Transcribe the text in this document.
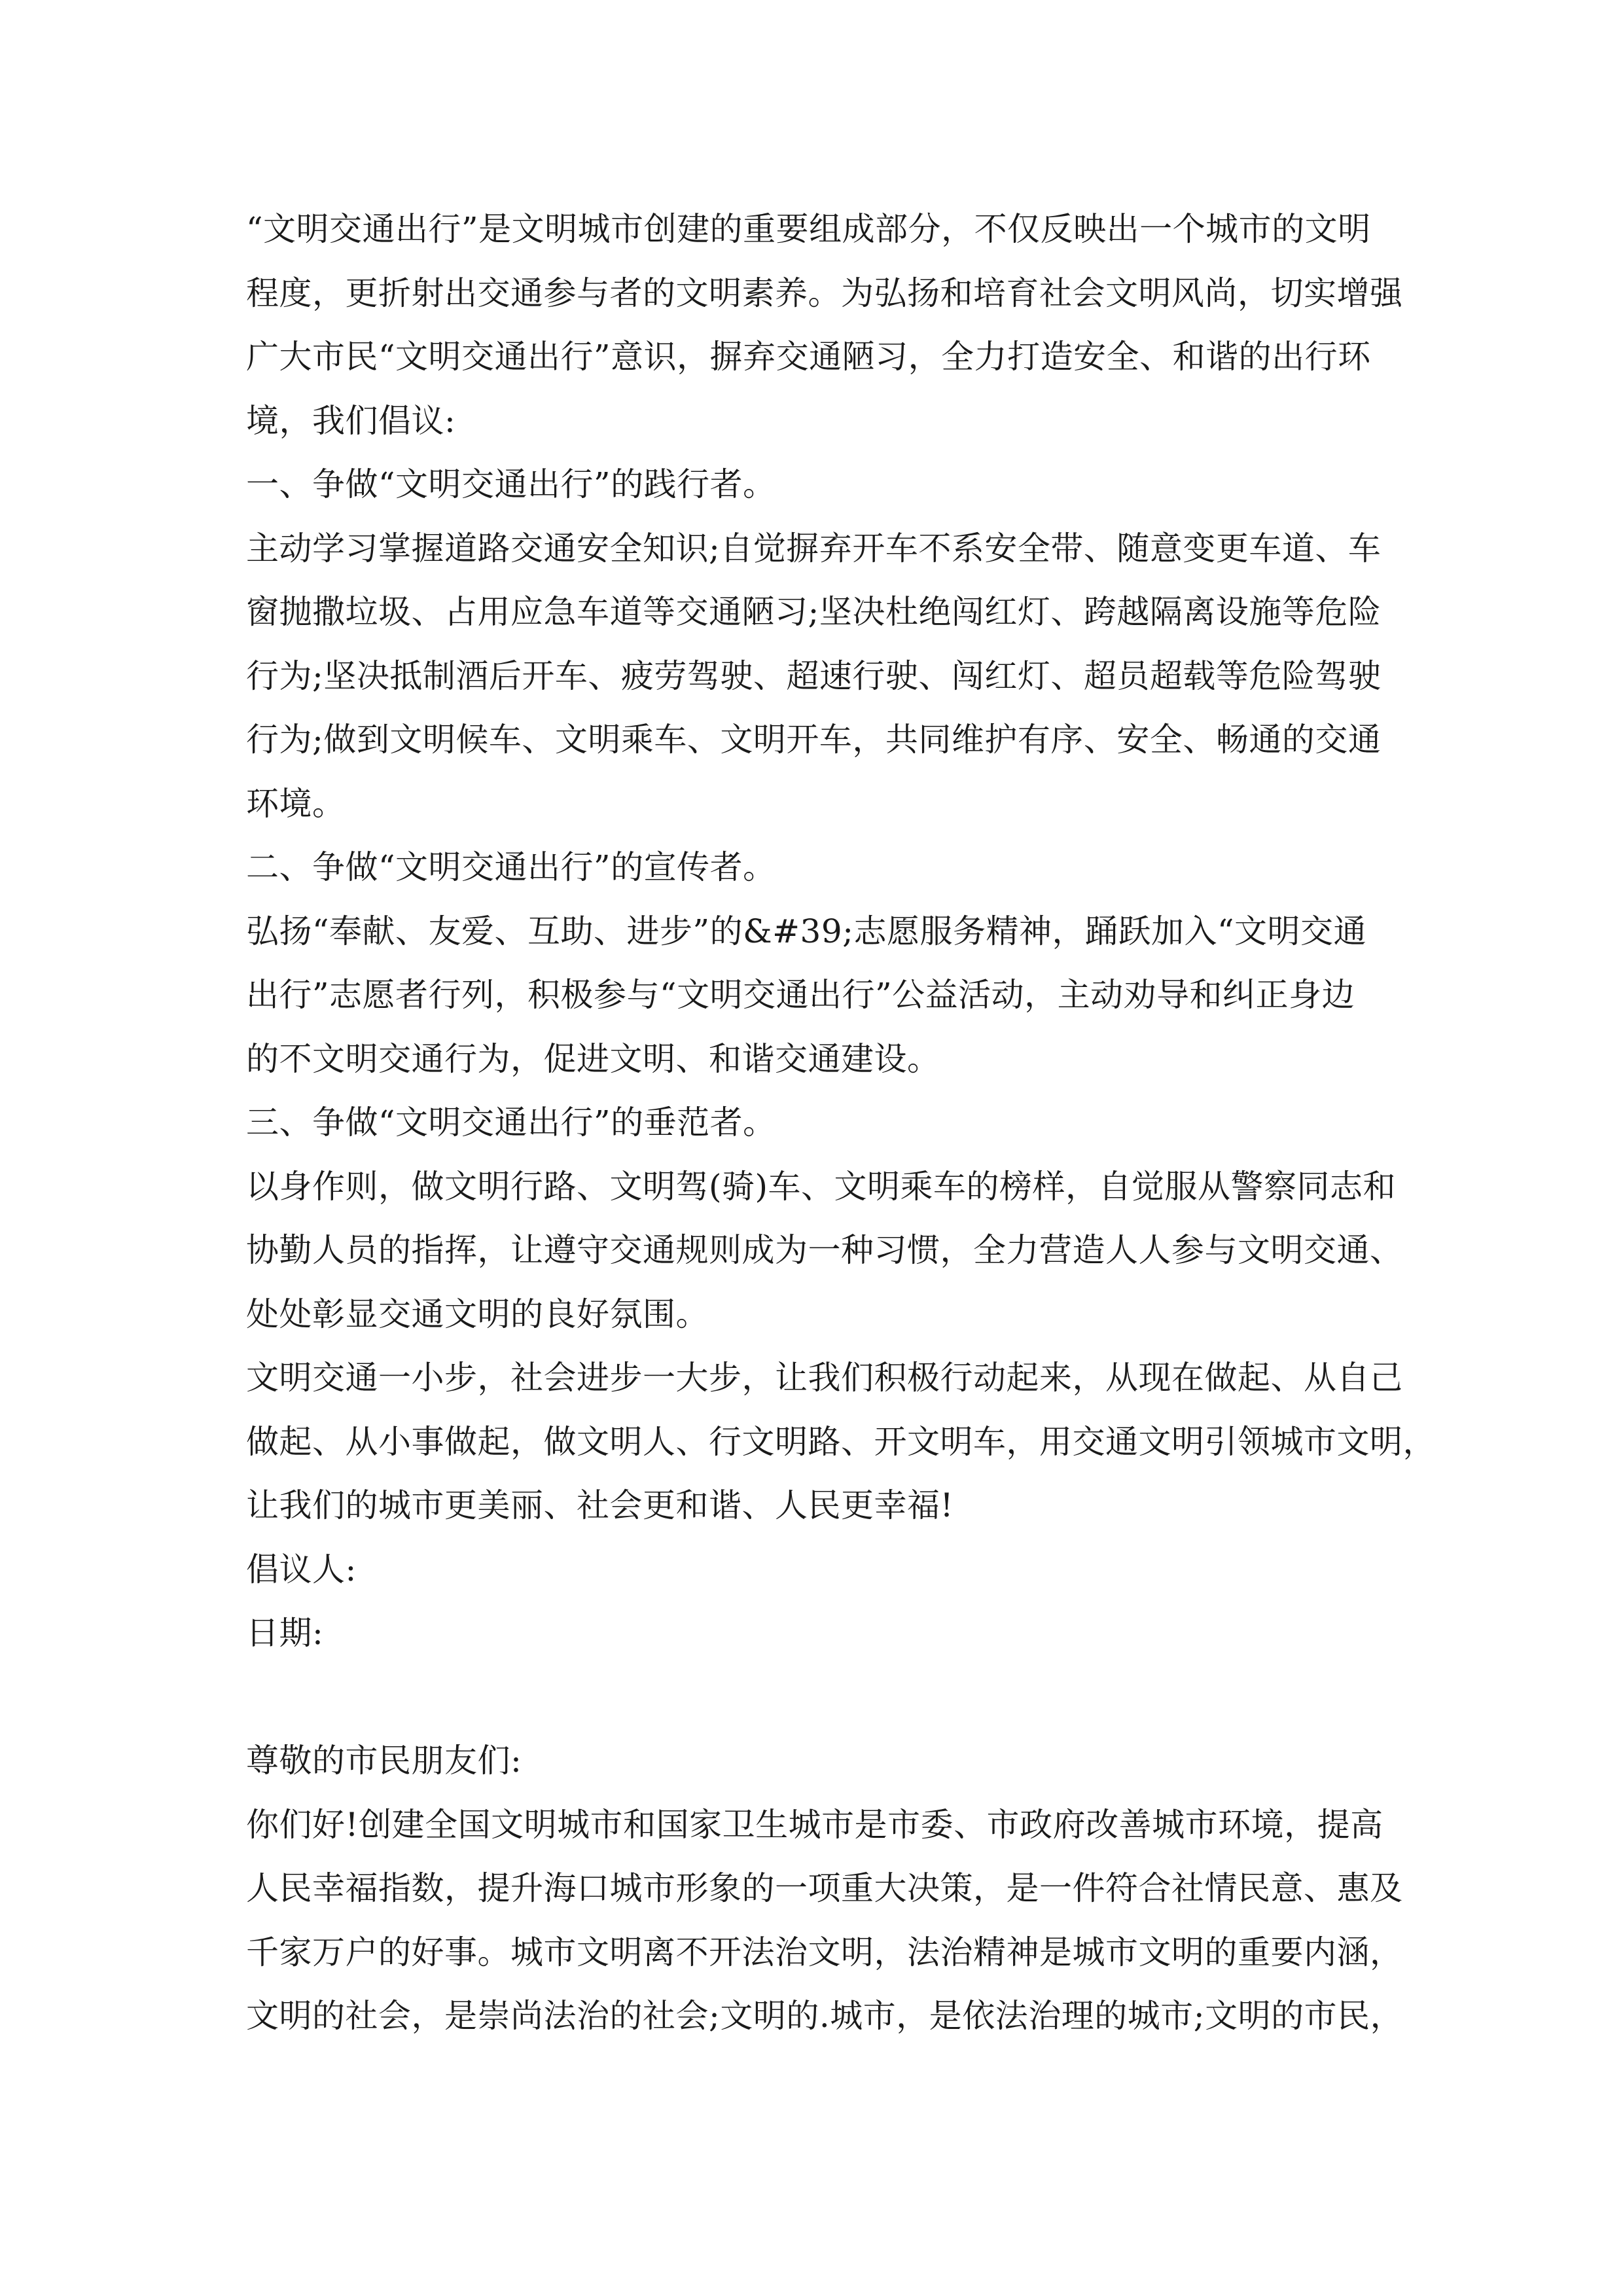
“文明交通出行”是文明城市创建的重要组成部分，不仅反映出一个城市的文明
程度，更折射出交通参与者的文明素养。为弘扬和培育社会文明风尚，切实增强
广大市民“文明交通出行”意识，摒弃交通陋习，全力打造安全、和谐的出行环
境，我们倡议:
一、争做“文明交通出行”的践行者。
主动学习掌握道路交通安全知识;自觉摒弃开车不系安全带、随意变更车道、车
窗抛撒垃圾、占用应急车道等交通陋习;坚决杜绝闯红灯、跨越隔离设施等危险
行为;坚决抵制酒后开车、疲劳驾驶、超速行驶、闯红灯、超员超载等危险驾驶
行为;做到文明候车、文明乘车、文明开车，共同维护有序、安全、畅通的交通
环境。
二、争做“文明交通出行”的宣传者。
弘扬“奉献、友爱、互助、进步”的&#39;志愿服务精神，踊跃加入“文明交通
出行”志愿者行列，积极参与“文明交通出行”公益活动，主动劝导和纠正身边
的不文明交通行为，促进文明、和谐交通建设。
三、争做“文明交通出行”的垂范者。
以身作则，做文明行路、文明驾(骑)车、文明乘车的榜样，自觉服从警察同志和
协勤人员的指挥，让遵守交通规则成为一种习惯，全力营造人人参与文明交通、
处处彰显交通文明的良好氛围。
文明交通一小步，社会进步一大步，让我们积极行动起来，从现在做起、从自己
做起、从小事做起，做文明人、行文明路、开文明车，用交通文明引领城市文明，
让我们的城市更美丽、社会更和谐、人民更幸福!
倡议人:
日期:
尊敬的市民朋友们:
你们好!创建全国文明城市和国家卫生城市是市委、市政府改善城市环境，提高
人民幸福指数，提升海口城市形象的一项重大决策，是一件符合社情民意、惠及
千家万户的好事。城市文明离不开法治文明，法治精神是城市文明的重要内涵，
文明的社会，是崇尚法治的社会;文明的.城市，是依法治理的城市;文明的市民，
